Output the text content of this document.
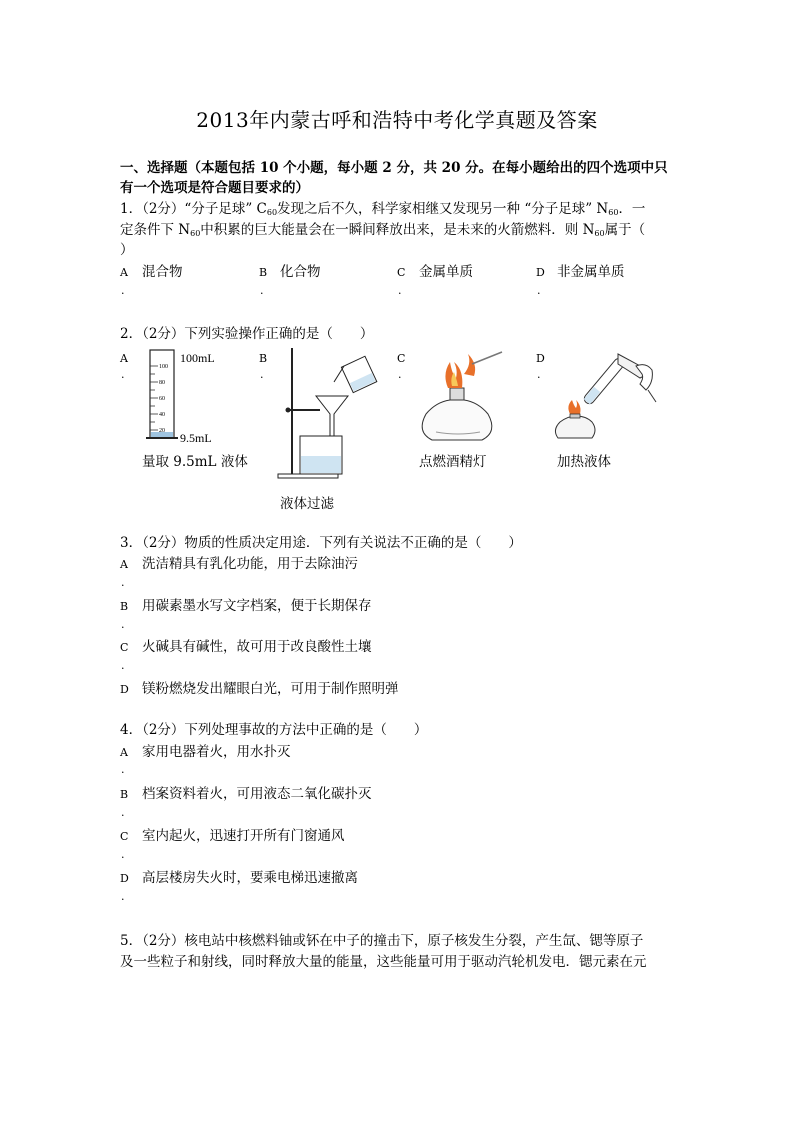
2013年内蒙古呼和浩特中考化学真题及答案
一、选择题（本题包括 10 个小题，每小题 2 分，共 20 分。在每小题给出的四个选项中只
有一个选项是符合题目要求的）
1．（2分）“分子足球” $C_{60}$发现之后不久，科学家相继又发现另一种 “分子足球” $N_{60}$．一
定条件下 $N_{60}$中积累的巨大能量会在一瞬间释放出来，是未来的火箭燃料．则 $N_{60}$属于（
）
A 混合物
.
B 化合物
.
C 金属单质
.
D 非金属单质
.
2．（2分）下列实验操作正确的是（　　）
A
.
B
.
C
.
D
.
100
80
60
40
20
100mL
9.5mL
量取 9.5mL 液体
液体过滤
点燃酒精灯	加热液体
3．（2分）物质的性质决定用途．下列有关说法不正确的是（　　）
A 洗洁精具有乳化功能，用于去除油污
.
B 用碳素墨水写文字档案，便于长期保存
.
C 火碱具有碱性，故可用于改良酸性土壤
.
D 镁粉燃烧发出耀眼白光，可用于制作照明弹
4．（2分）下列处理事故的方法中正确的是（　　）
A 家用电器着火，用水扑灭
.
B 档案资料着火，可用液态二氧化碳扑灭
.
C 室内起火，迅速打开所有门窗通风
.
D 高层楼房失火时，要乘电梯迅速撤离
.
5．（2分）核电站中核燃料铀或钚在中子的撞击下，原子核发生分裂，产生氙、锶等原子
及一些粒子和射线，同时释放大量的能量，这些能量可用于驱动汽轮机发电．锶元素在元
